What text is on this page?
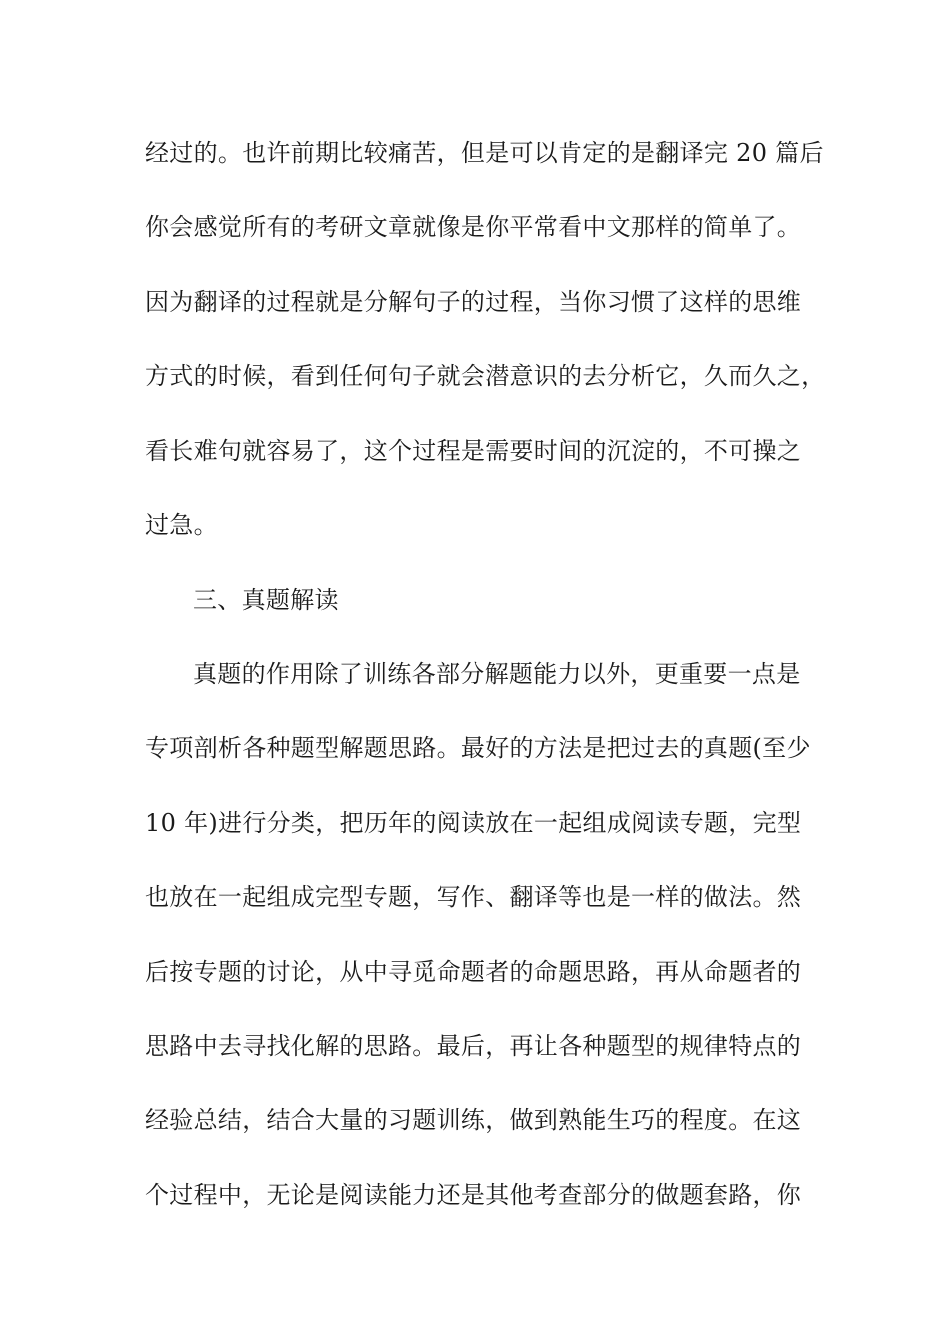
经过的。也许前期比较痛苦，但是可以肯定的是翻译完 20 篇后
你会感觉所有的考研文章就像是你平常看中文那样的简单了。
因为翻译的过程就是分解句子的过程，当你习惯了这样的思维
方式的时候，看到任何句子就会潜意识的去分析它，久而久之，
看长难句就容易了，这个过程是需要时间的沉淀的，不可操之
过急。
三、真题解读
真题的作用除了训练各部分解题能力以外，更重要一点是
专项剖析各种题型解题思路。最好的方法是把过去的真题(至少
10 年)进行分类，把历年的阅读放在一起组成阅读专题，完型
也放在一起组成完型专题，写作、翻译等也是一样的做法。然
后按专题的讨论，从中寻觅命题者的命题思路，再从命题者的
思路中去寻找化解的思路。最后，再让各种题型的规律特点的
经验总结，结合大量的习题训练，做到熟能生巧的程度。在这
个过程中，无论是阅读能力还是其他考查部分的做题套路，你
